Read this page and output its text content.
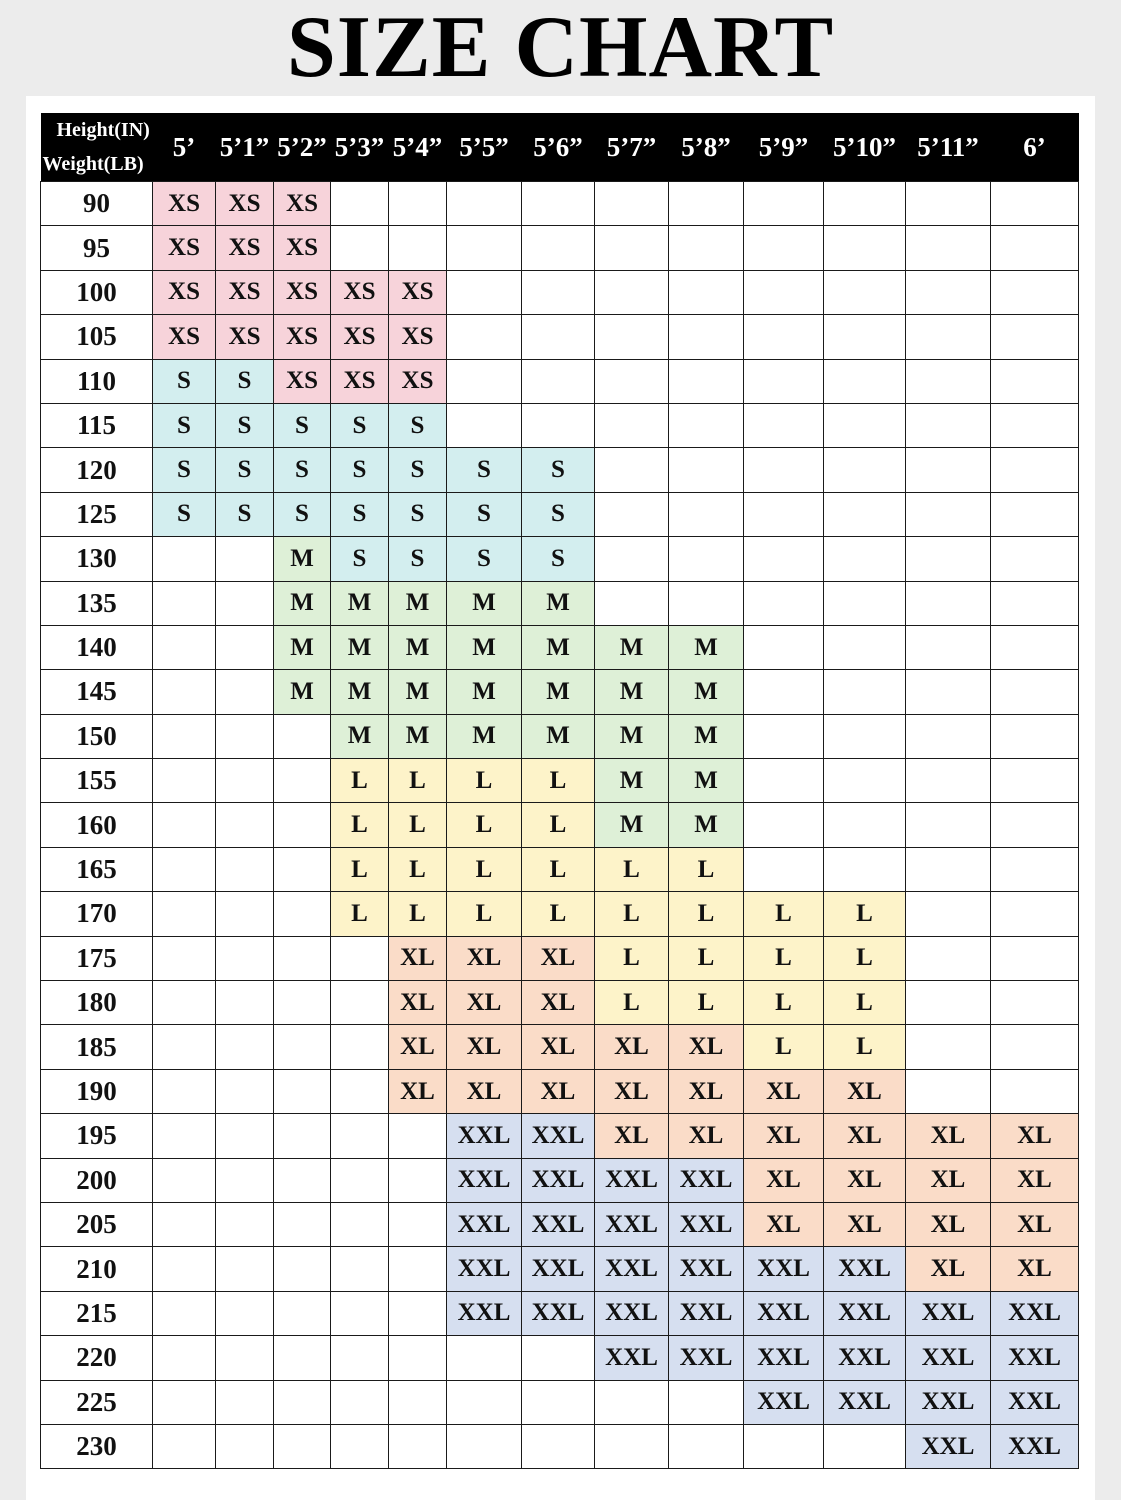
SIZE CHART
Height(IN)
Weight(LB)	5’	5’1”	5’2”	5’3”	5’4”	5’5”	5’6”	5’7”	5’8”	5’9”	5’10”	5’11”	6’
90	XS	XS	XS										
95	XS	XS	XS										
100	XS	XS	XS	XS	XS								
105	XS	XS	XS	XS	XS								
110	S	S	XS	XS	XS								
115	S	S	S	S	S								
120	S	S	S	S	S	S	S						
125	S	S	S	S	S	S	S						
130			M	S	S	S	S						
135			M	M	M	M	M						
140			M	M	M	M	M	M	M				
145			M	M	M	M	M	M	M				
150				M	M	M	M	M	M				
155				L	L	L	L	M	M				
160				L	L	L	L	M	M				
165				L	L	L	L	L	L				
170				L	L	L	L	L	L	L	L		
175					XL	XL	XL	L	L	L	L		
180					XL	XL	XL	L	L	L	L		
185					XL	XL	XL	XL	XL	L	L		
190					XL	XL	XL	XL	XL	XL	XL		
195						XXL	XXL	XL	XL	XL	XL	XL	XL
200						XXL	XXL	XXL	XXL	XL	XL	XL	XL
205						XXL	XXL	XXL	XXL	XL	XL	XL	XL
210						XXL	XXL	XXL	XXL	XXL	XXL	XL	XL
215						XXL	XXL	XXL	XXL	XXL	XXL	XXL	XXL
220								XXL	XXL	XXL	XXL	XXL	XXL
225										XXL	XXL	XXL	XXL
230												XXL	XXL
